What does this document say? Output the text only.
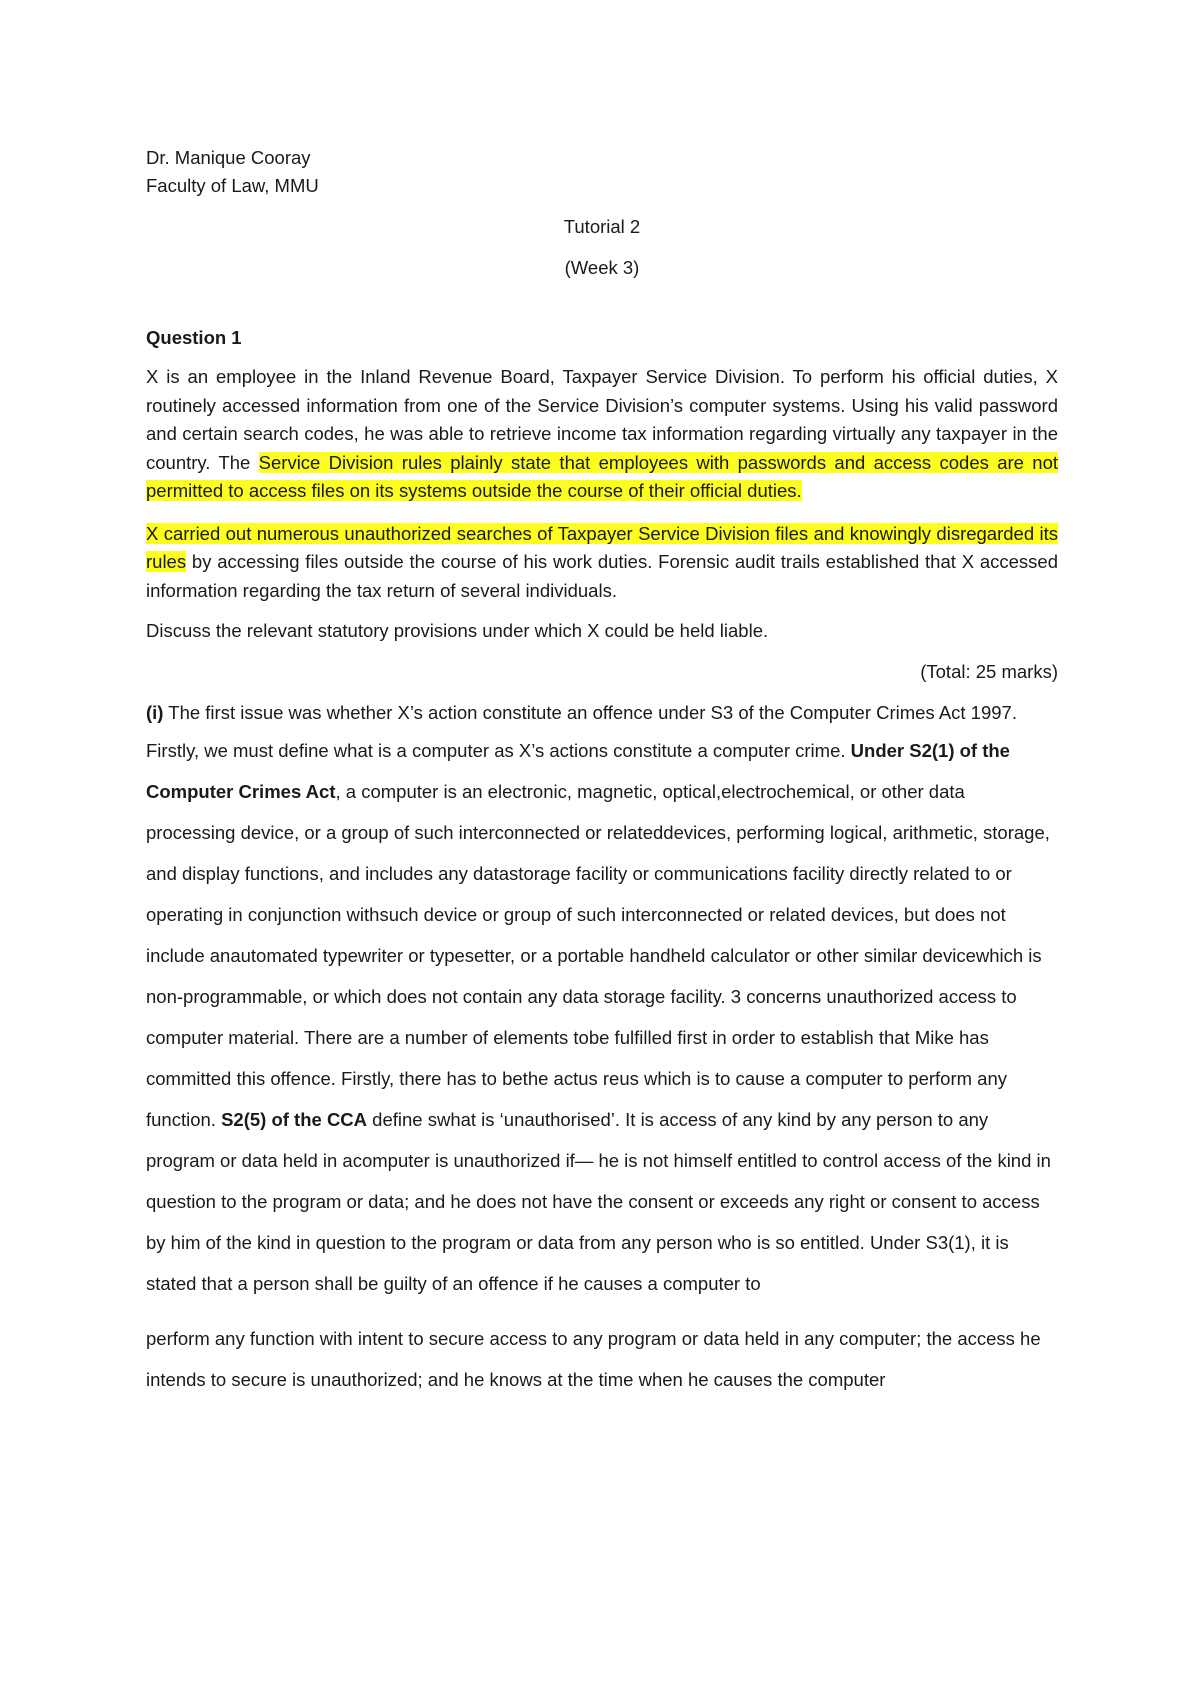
Dr. Manique Cooray

Faculty of Law, MMU

Tutorial 2

(Week 3)

Question 1

X is an employee in the Inland Revenue Board, Taxpayer Service Division. To perform his official duties, X routinely accessed information from one of the Service Division’s computer systems. Using his valid password and certain search codes, he was able to retrieve income tax information regarding virtually any taxpayer in the country. The Service Division rules plainly state that employees with passwords and access codes are not permitted to access files on its systems outside the course of their official duties.

X carried out numerous unauthorized searches of Taxpayer Service Division files and knowingly disregarded its rules by accessing files outside the course of his work duties. Forensic audit trails established that X accessed information regarding the tax return of several individuals.

Discuss the relevant statutory provisions under which X could be held liable.

(Total: 25 marks)

(i) The first issue was whether X’s action constitute an offence under S3 of the Computer Crimes Act 1997.

Firstly, we must define what is a computer as X’s actions constitute a computer crime. Under S2(1) of the Computer Crimes Act, a computer is an electronic, magnetic, optical,electrochemical, or other data processing device, or a group of such interconnected or relateddevices, performing logical, arithmetic, storage, and display functions, and includes any datastorage facility or communications facility directly related to or operating in conjunction withsuch device or group of such interconnected or related devices, but does not include anautomated typewriter or typesetter, or a portable handheld calculator or other similar devicewhich is non-programmable, or which does not contain any data storage facility. 3 concerns unauthorized access to computer material. There are a number of elements tobe fulfilled first in order to establish that Mike has committed this offence. Firstly, there has to bethe actus reus which is to cause a computer to perform any function. S2(5) of the CCA define swhat is ‘unauthorised’. It is access of any kind by any person to any program or data held in acomputer is unauthorized if— he is not himself entitled to control access of the kind in question to the program or data; and he does not have the consent or exceeds any right or consent to access by him of the kind in question to the program or data from any person who is so entitled. Under S3(1), it is stated that a person shall be guilty of an offence if he causes a computer to

perform any function with intent to secure access to any program or data held in any computer; the access he intends to secure is unauthorized; and he knows at the time when he causes the computer
